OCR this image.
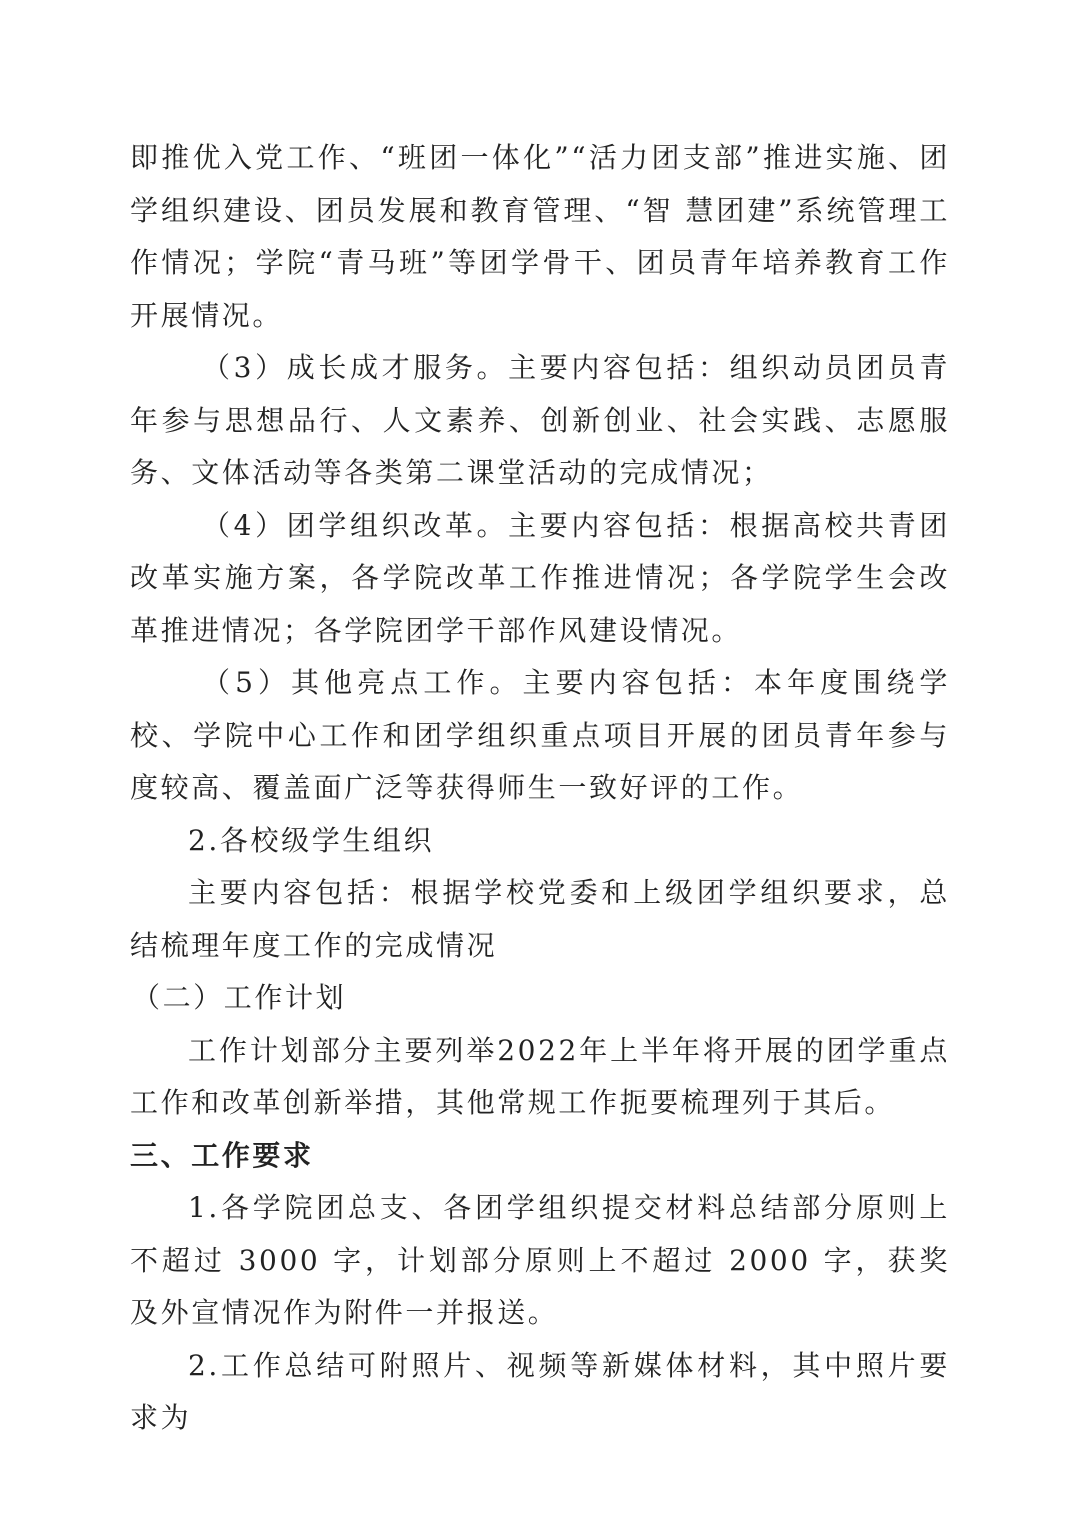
即推优入党工作、“班团一体化”“活力团支部”推进实施、团学组织建设、团员发展和教育管理、“智 慧团建”系统管理工作情况；学院“青马班”等团学骨干、团员青年培养教育工作开展情况。

（3）成长成才服务。主要内容包括：组织动员团员青年参与思想品行、人文素养、创新创业、社会实践、志愿服务、文体活动等各类第二课堂活动的完成情况；

（4）团学组织改革。主要内容包括：根据高校共青团改革实施方案，各学院改革工作推进情况；各学院学生会改革推进情况；各学院团学干部作风建设情况。

（5）其他亮点工作。主要内容包括：本年度围绕学校、学院中心工作和团学组织重点项目开展的团员青年参与度较高、覆盖面广泛等获得师生一致好评的工作。

2.各校级学生组织

主要内容包括：根据学校党委和上级团学组织要求，总结梳理年度工作的完成情况

（二）工作计划

工作计划部分主要列举2022年上半年将开展的团学重点工作和改革创新举措，其他常规工作扼要梳理列于其后。

三、工作要求

1.各学院团总支、各团学组织提交材料总结部分原则上不超过 3000 字，计划部分原则上不超过 2000 字，获奖及外宣情况作为附件一并报送。

2.工作总结可附照片、视频等新媒体材料，其中照片要求为
